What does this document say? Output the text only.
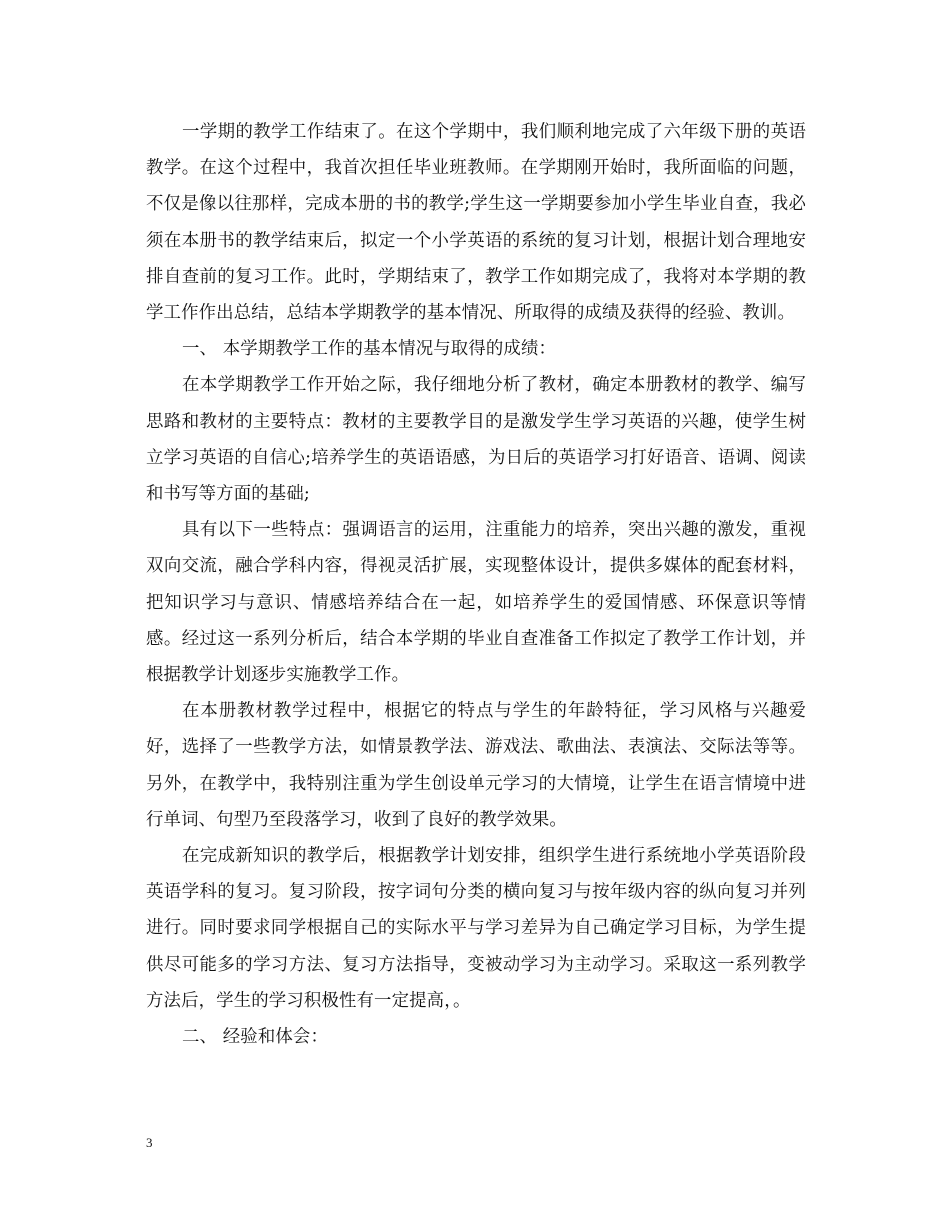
一学期的教学工作结束了。在这个学期中，我们顺利地完成了六年级下册的英语教学。在这个过程中，我首次担任毕业班教师。在学期刚开始时，我所面临的问题，不仅是像以往那样，完成本册的书的教学;学生这一学期要参加小学生毕业自查，我必须在本册书的教学结束后，拟定一个小学英语的系统的复习计划，根据计划合理地安排自查前的复习工作。此时，学期结束了，教学工作如期完成了，我将对本学期的教学工作作出总结，总结本学期教学的基本情况、所取得的成绩及获得的经验、教训。

一、 本学期教学工作的基本情况与取得的成绩：

在本学期教学工作开始之际，我仔细地分析了教材，确定本册教材的教学、编写思路和教材的主要特点：教材的主要教学目的是激发学生学习英语的兴趣，使学生树立学习英语的自信心;培养学生的英语语感，为日后的英语学习打好语音、语调、阅读和书写等方面的基础;

具有以下一些特点：强调语言的运用，注重能力的培养，突出兴趣的激发，重视双向交流，融合学科内容，得视灵活扩展，实现整体设计，提供多媒体的配套材料，把知识学习与意识、情感培养结合在一起，如培养学生的爱国情感、环保意识等情感。经过这一系列分析后，结合本学期的毕业自查准备工作拟定了教学工作计划，并根据教学计划逐步实施教学工作。

在本册教材教学过程中，根据它的特点与学生的年龄特征，学习风格与兴趣爱好，选择了一些教学方法，如情景教学法、游戏法、歌曲法、表演法、交际法等等。另外，在教学中，我特别注重为学生创设单元学习的大情境，让学生在语言情境中进行单词、句型乃至段落学习，收到了良好的教学效果。

在完成新知识的教学后，根据教学计划安排，组织学生进行系统地小学英语阶段英语学科的复习。复习阶段，按字词句分类的横向复习与按年级内容的纵向复习并列进行。同时要求同学根据自己的实际水平与学习差异为自己确定学习目标，为学生提供尽可能多的学习方法、复习方法指导，变被动学习为主动学习。采取这一系列教学方法后，学生的学习积极性有一定提高，。

二、 经验和体会：

3
